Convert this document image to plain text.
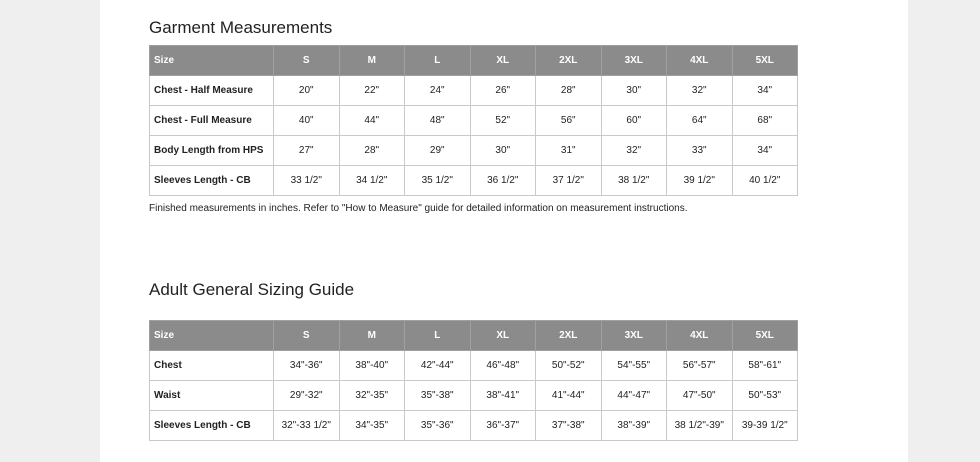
Garment Measurements
Size	S	M	L	XL	2XL	3XL	4XL	5XL
Chest - Half Measure	20"	22"	24"	26"	28"	30"	32"	34"
Chest - Full Measure	40"	44"	48"	52"	56"	60"	64"	68"
Body Length from HPS	27"	28"	29"	30"	31"	32"	33"	34"
Sleeves Length - CB	33 1/2"	34 1/2"	35 1/2"	36 1/2"	37 1/2"	38 1/2"	39 1/2"	40 1/2"

Finished measurements in inches. Refer to "How to Measure" guide for detailed information on measurement instructions.

Adult General Sizing Guide
Size	S	M	L	XL	2XL	3XL	4XL	5XL
Chest	34"-36"	38"-40"	42"-44"	46"-48"	50"-52"	54"-55"	56"-57"	58"-61"
Waist	29"-32"	32"-35"	35"-38"	38"-41"	41"-44"	44"-47"	47"-50"	50"-53"
Sleeves Length - CB	32"-33 1/2"	34"-35"	35"-36"	36"-37"	37"-38"	38"-39"	38 1/2"-39"	39-39 1/2"
